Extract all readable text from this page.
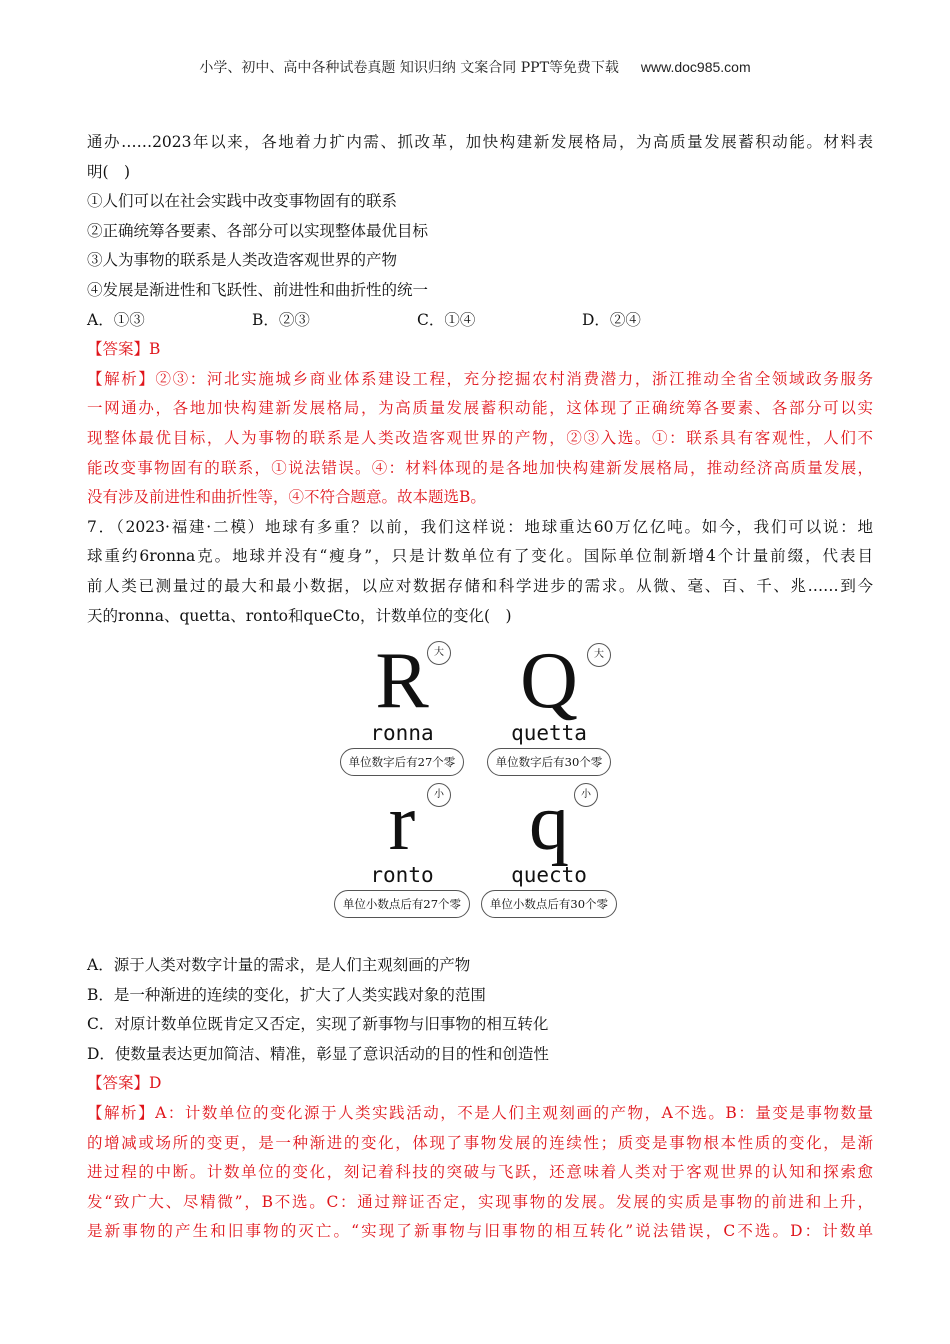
小学、初中、高中各种试卷真题 知识归纳 文案合同 PPT等免费下载 www.doc985.com
通办……2023年以来，各地着力扩内需、抓改革，加快构建新发展格局，为高质量发展蓄积动能。材料表
明(　)
①人们可以在社会实践中改变事物固有的联系
②正确统筹各要素、各部分可以实现整体最优目标
③人为事物的联系是人类改造客观世界的产物
④发展是渐进性和飞跃性、前进性和曲折性的统一
A．①③	B．②③	C．①④	D．②④
【答案】B
【解析】②③：河北实施城乡商业体系建设工程，充分挖掘农村消费潜力，浙江推动全省全领域政务服务
一网通办，各地加快构建新发展格局，为高质量发展蓄积动能，这体现了正确统筹各要素、各部分可以实
现整体最优目标，人为事物的联系是人类改造客观世界的产物，②③入选。①：联系具有客观性，人们不
能改变事物固有的联系，①说法错误。④：材料体现的是各地加快构建新发展格局，推动经济高质量发展，
没有涉及前进性和曲折性等，④不符合题意。故本题选B。
7．（2023·福建·二模）地球有多重？以前，我们这样说：地球重达60万亿亿吨。如今，我们可以说：地
球重约6ronna克。地球并没有“瘦身”，只是计数单位有了变化。国际单位制新增4个计量前缀，代表目
前人类已测量过的最大和最小数据，以应对数据存储和科学进步的需求。从微、毫、百、千、兆……到今
天的ronna、quetta、ronto和queCto，计数单位的变化(　)
R 大
ronna
单位数字后有27个零
Q	大
quetta
单位数字后有30个零
r	小
ronto
单位小数点后有27个零
q	小
quecto
单位小数点后有30个零
A．源于人类对数字计量的需求，是人们主观刻画的产物
B．是一种渐进的连续的变化，扩大了人类实践对象的范围
C．对原计数单位既肯定又否定，实现了新事物与旧事物的相互转化
D．使数量表达更加简洁、精准，彰显了意识活动的目的性和创造性
【答案】D
【解析】A：计数单位的变化源于人类实践活动，不是人们主观刻画的产物，A不选。B：量变是事物数量
的增减或场所的变更，是一种渐进的变化，体现了事物发展的连续性；质变是事物根本性质的变化，是渐
进过程的中断。计数单位的变化，刻记着科技的突破与飞跃，还意味着人类对于客观世界的认知和探索愈
发“致广大、尽精微”，B不选。C：通过辩证否定，实现事物的发展。发展的实质是事物的前进和上升，
是新事物的产生和旧事物的灭亡。“实现了新事物与旧事物的相互转化”说法错误，C不选。D：计数单
